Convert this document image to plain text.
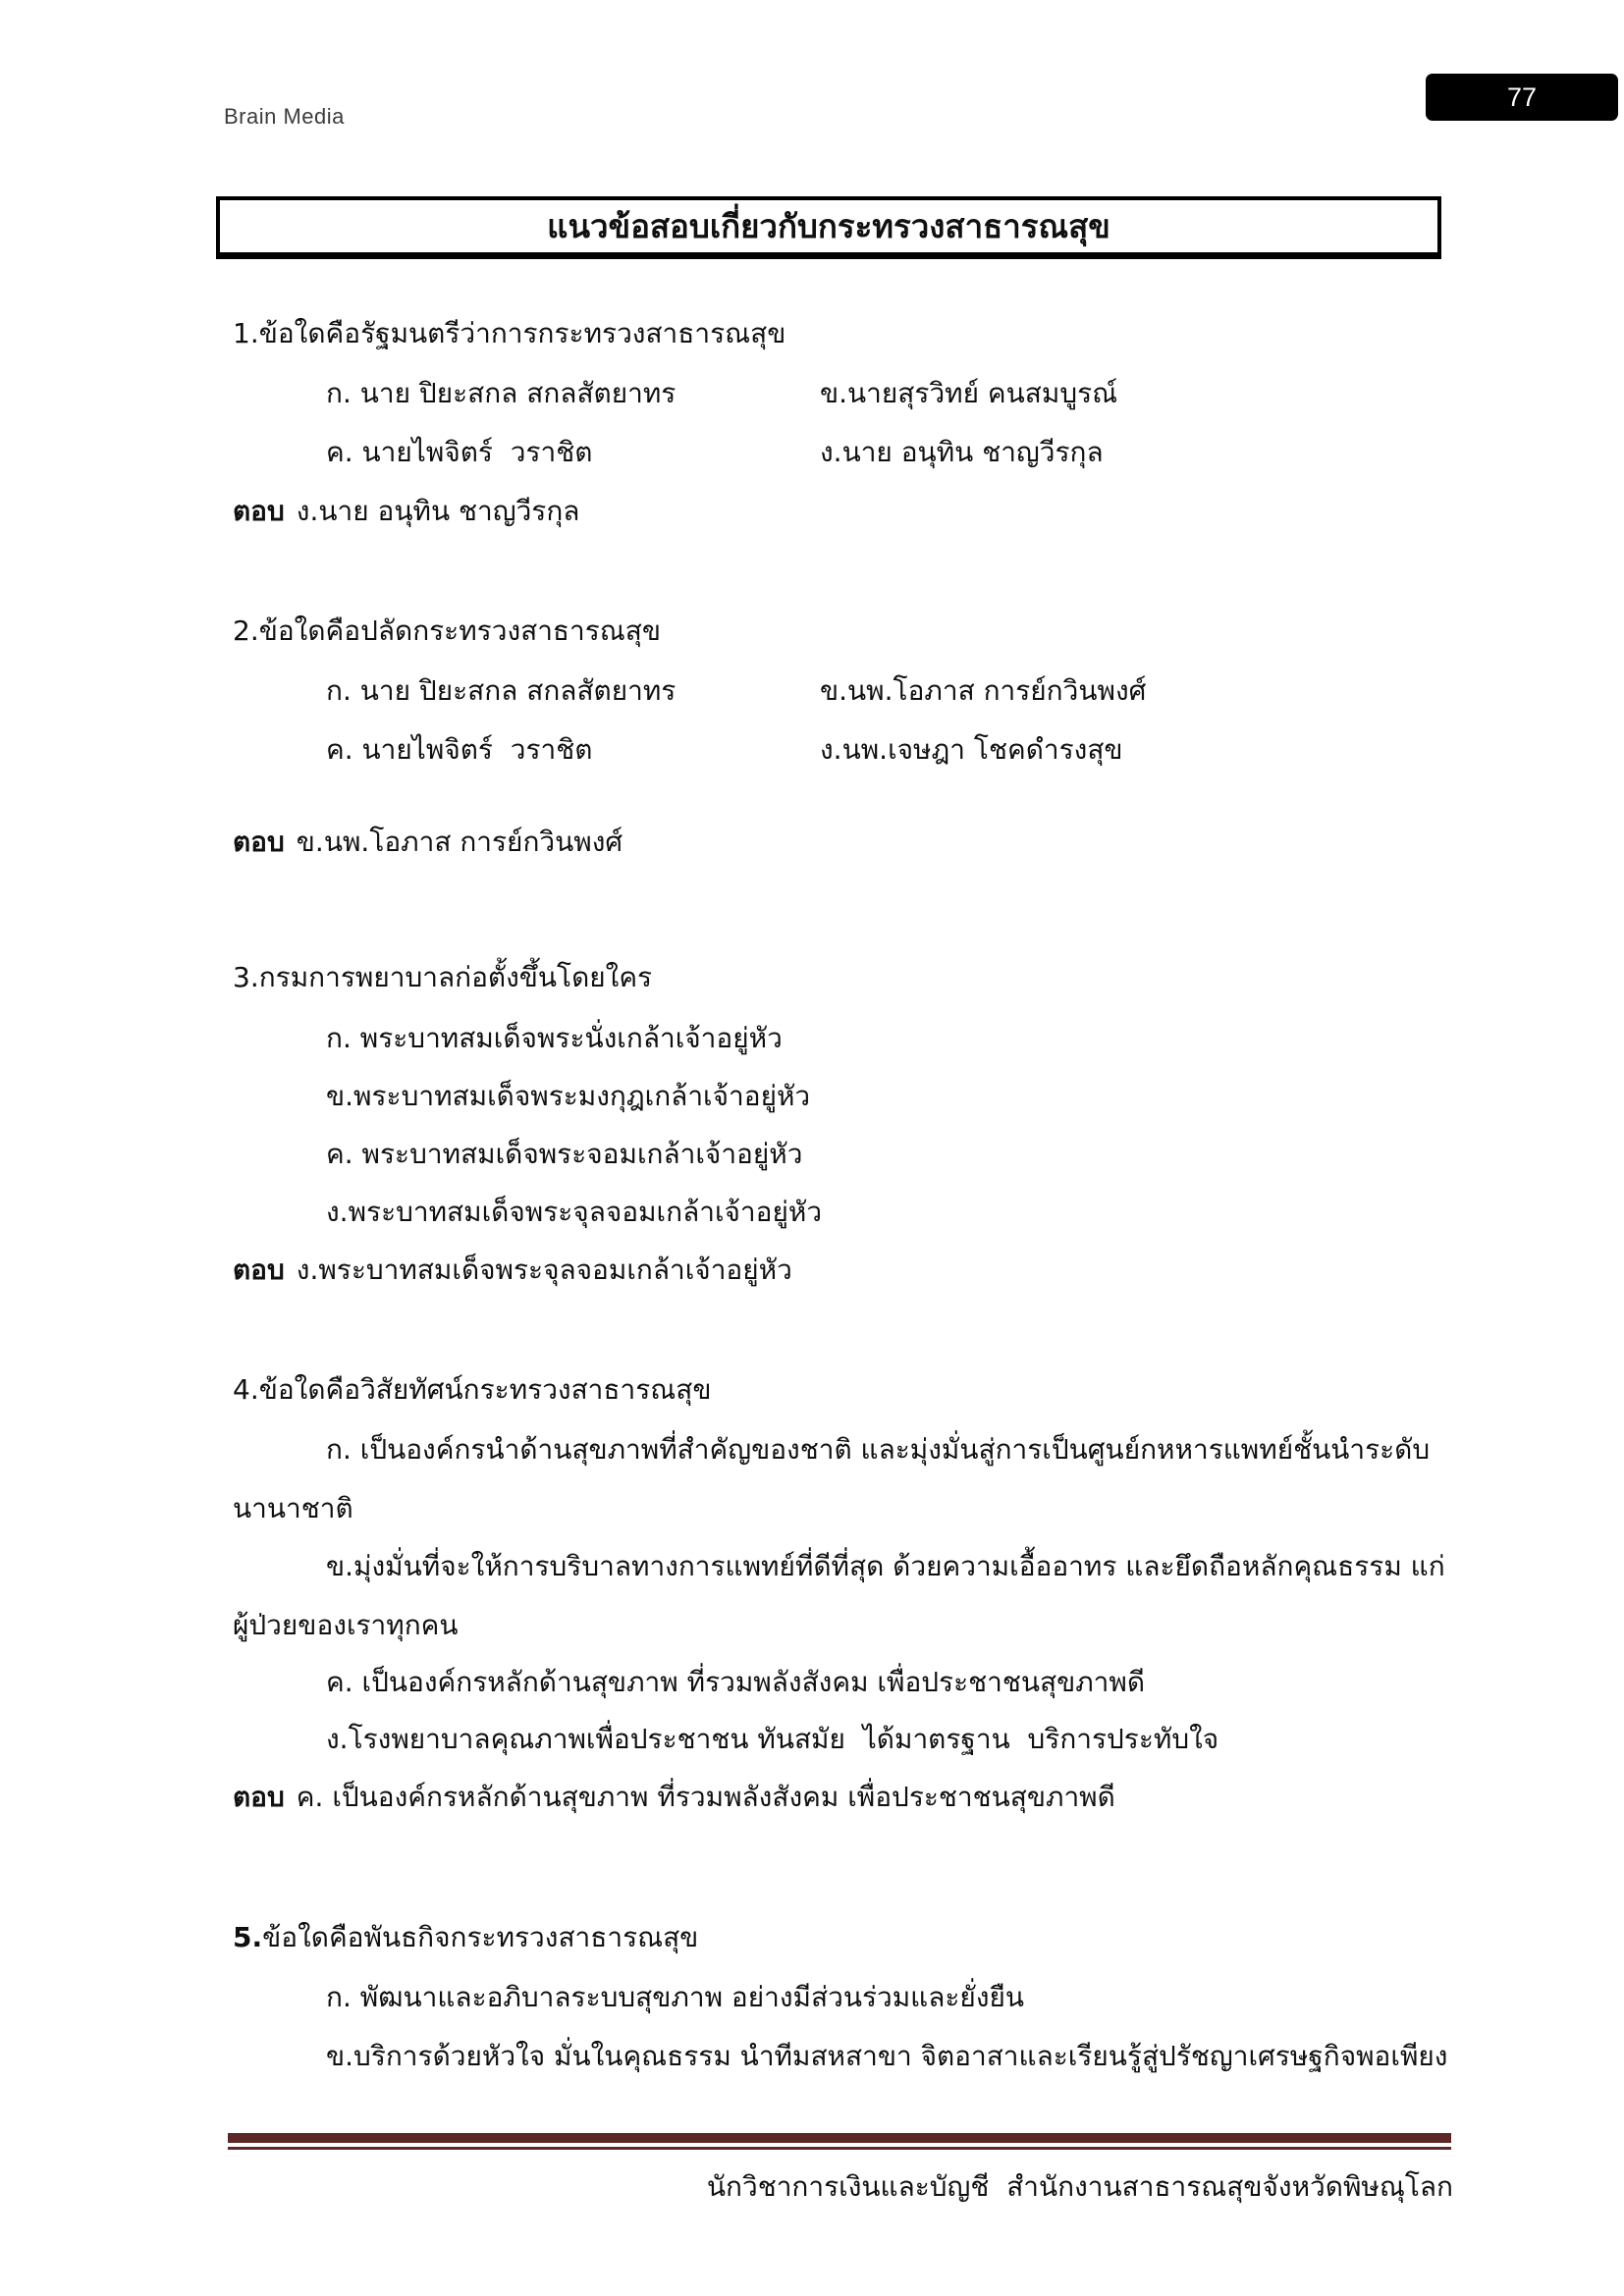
Brain Media
77
แนวข้อสอบเกี่ยวกับกระทรวงสาธารณสุข
1.ข้อใดคือรัฐมนตรีว่าการกระทรวงสาธารณสุข
ก. นาย ปิยะสกล สกลสัตยาทร	ข.นายสุรวิทย์ คนสมบูรณ์
ค. นายไพจิตร์  วราชิต	ง.นาย อนุทิน ชาญวีรกุล
ตอบ ง.นาย อนุทิน ชาญวีรกุล
2.ข้อใดคือปลัดกระทรวงสาธารณสุข
ก. นาย ปิยะสกล สกลสัตยาทร	ข.นพ.โอภาส การย์กวินพงศ์
ค. นายไพจิตร์  วราชิต	ง.นพ.เจษฎา โชคดำรงสุข
ตอบ ข.นพ.โอภาส การย์กวินพงศ์
3.กรมการพยาบาลก่อตั้งขึ้นโดยใคร
ก. พระบาทสมเด็จพระนั่งเกล้าเจ้าอยู่หัว
ข.พระบาทสมเด็จพระมงกุฎเกล้าเจ้าอยู่หัว
ค. พระบาทสมเด็จพระจอมเกล้าเจ้าอยู่หัว
ง.พระบาทสมเด็จพระจุลจอมเกล้าเจ้าอยู่หัว
ตอบ ง.พระบาทสมเด็จพระจุลจอมเกล้าเจ้าอยู่หัว
4.ข้อใดคือวิสัยทัศน์กระทรวงสาธารณสุข
ก. เป็นองค์กรนำด้านสุขภาพที่สำคัญของชาติ และมุ่งมั่นสู่การเป็นศูนย์กหหารแพทย์ชั้นนำระดับ
นานาชาติ
ข.มุ่งมั่นที่จะให้การบริบาลทางการแพทย์ที่ดีที่สุด ด้วยความเอื้ออาทร และยึดถือหลักคุณธรรม แก่
ผู้ป่วยของเราทุกคน
ค. เป็นองค์กรหลักด้านสุขภาพ ที่รวมพลังสังคม เพื่อประชาชนสุขภาพดี
ง.โรงพยาบาลคุณภาพเพื่อประชาชน ทันสมัย  ได้มาตรฐาน  บริการประทับใจ
ตอบ ค. เป็นองค์กรหลักด้านสุขภาพ ที่รวมพลังสังคม เพื่อประชาชนสุขภาพดี
5.ข้อใดคือพันธกิจกระทรวงสาธารณสุข
ก. พัฒนาและอภิบาลระบบสุขภาพ อย่างมีส่วนร่วมและยั่งยืน
ข.บริการด้วยหัวใจ มั่นในคุณธรรม นำทีมสหสาขา จิตอาสาและเรียนรู้สู่ปรัชญาเศรษฐกิจพอเพียง
นักวิชาการเงินและบัญชี  สำนักงานสาธารณสุขจังหวัดพิษณุโลก
